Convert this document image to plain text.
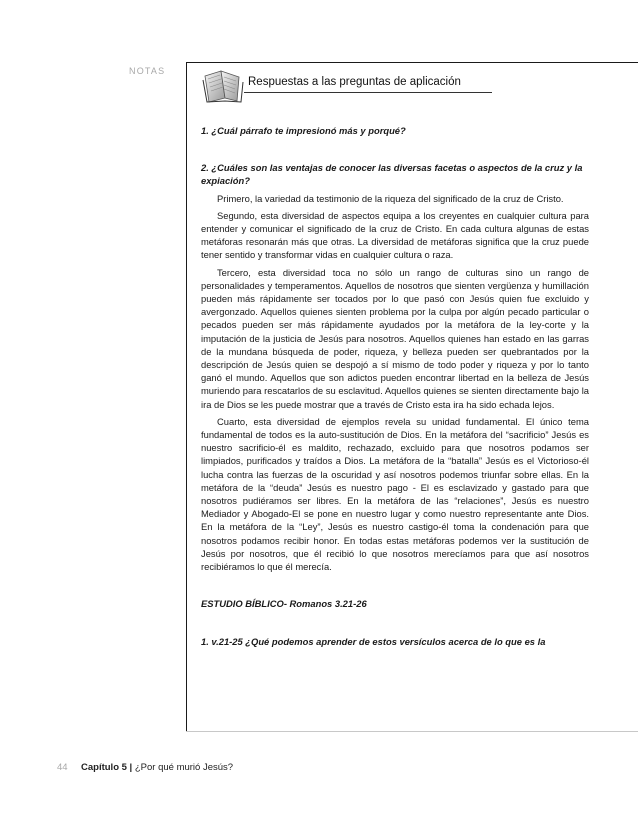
NOTAS
Respuestas a las preguntas de aplicación

1. ¿Cuál párrafo te impresionó más y porqué?

2. ¿Cuáles son las ventajas de conocer las diversas facetas o aspectos de la cruz y la expiación?

Primero, la variedad da testimonio de la riqueza del significado de la cruz de Cristo.

Segundo, esta diversidad de aspectos equipa a los creyentes en cualquier cultura para entender y comunicar el significado de la cruz de Cristo. En cada cultura algunas de estas metáforas resonarán más que otras. La diversidad de metáforas significa que la cruz puede tener sentido y transformar vidas en cualquier cultura o raza.

Tercero, esta diversidad toca no sólo un rango de culturas sino un rango de personalidades y temperamentos. Aquellos de nosotros que sienten vergüenza y humillación pueden más rápidamente ser tocados por lo que pasó con Jesús quien fue excluido y avergonzado. Aquellos quienes sienten problema por la culpa por algún pecado particular o pecados pueden ser más rápidamente ayudados por la metáfora de la ley-corte y la imputación de la justicia de Jesús para nosotros. Aquellos quienes han estado en las garras de la mundana búsqueda de poder, riqueza, y belleza pueden ser quebrantados por la descripción de Jesús quien se despojó a sí mismo de todo poder y riqueza y por lo tanto ganó el mundo. Aquellos que son adictos pueden encontrar libertad en la belleza de Jesús muriendo para rescatarlos de su esclavitud. Aquellos quienes se sienten directamente bajo la ira de Dios se les puede mostrar que a través de Cristo esta ira ha sido echada lejos.

Cuarto, esta diversidad de ejemplos revela su unidad fundamental. El único tema fundamental de todos es la auto-sustitución de Dios. En la metáfora del “sacrificio” Jesús es nuestro sacrificio-él es maldito, rechazado, excluido para que nosotros podamos ser limpiados, purificados y traídos a Dios. La metáfora de la “batalla” Jesús es el Victorioso-él lucha contra las fuerzas de la oscuridad y así nosotros podemos triunfar sobre ellas. En la metáfora de la “deuda” Jesús es nuestro pago - El es esclavizado y gastado para que nosotros pudiéramos ser libres. En la metáfora de las “relaciones”, Jesús es nuestro Mediador y Abogado-El se pone en nuestro lugar y como nuestro representante ante Dios. En la metáfora de la “Ley”, Jesús es nuestro castigo-él toma la condenación para que nosotros podamos recibir honor. En todas estas metáforas podemos ver la sustitución de Jesús por nosotros, que él recibió lo que nosotros merecíamos para que así nosotros recibiéramos lo que él merecía.

ESTUDIO BÍBLICO- Romanos 3.21-26

1. v.21-25 ¿Qué podemos aprender de estos versículos acerca de lo que es la

44 Capítulo 5 | ¿Por qué murió Jesús?
